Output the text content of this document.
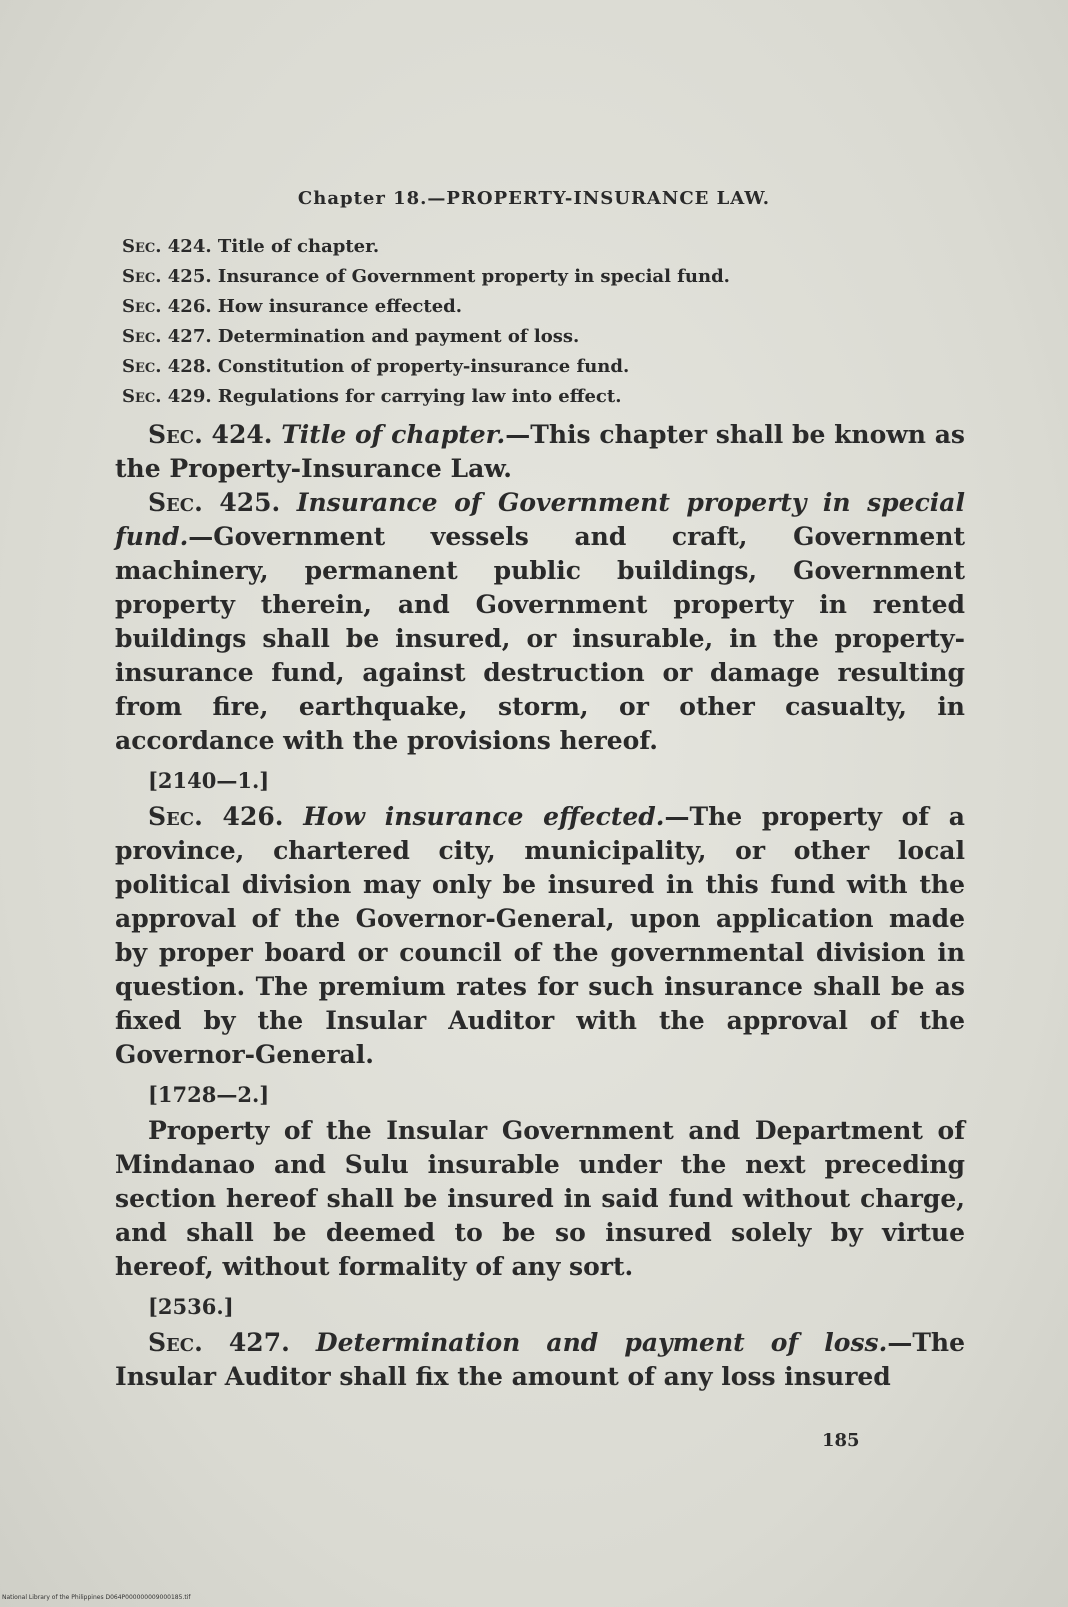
Chapter 18.—PROPERTY-INSURANCE LAW.
Sec. 424. Title of chapter.
Sec. 425. Insurance of Government property in special fund.
Sec. 426. How insurance effected.
Sec. 427. Determination and payment of loss.
Sec. 428. Constitution of property-insurance fund.
Sec. 429. Regulations for carrying law into effect.

Sec. 424. Title of chapter.—This chapter shall be known as the Property-Insurance Law.

Sec. 425. Insurance of Government property in special fund.—Government vessels and craft, Government machinery, permanent public buildings, Government property therein, and Government property in rented buildings shall be insured, or insurable, in the property-insurance fund, against destruction or damage resulting from fire, earthquake, storm, or other casualty, in accordance with the provisions hereof.

[2140—1.]

Sec. 426. How insurance effected.—The property of a province, chartered city, municipality, or other local political division may only be insured in this fund with the approval of the Governor-General, upon application made by proper board or council of the governmental division in question. The premium rates for such insurance shall be as fixed by the Insular Auditor with the approval of the Governor-General.

[1728—2.]

Property of the Insular Government and Department of Mindanao and Sulu insurable under the next preceding section hereof shall be insured in said fund without charge, and shall be deemed to be so insured solely by virtue hereof, without formality of any sort.

[2536.]

Sec. 427. Determination and payment of loss.—The Insular Auditor shall fix the amount of any loss insured

185
National Library of the Philippines D064P000000009000185.tif
